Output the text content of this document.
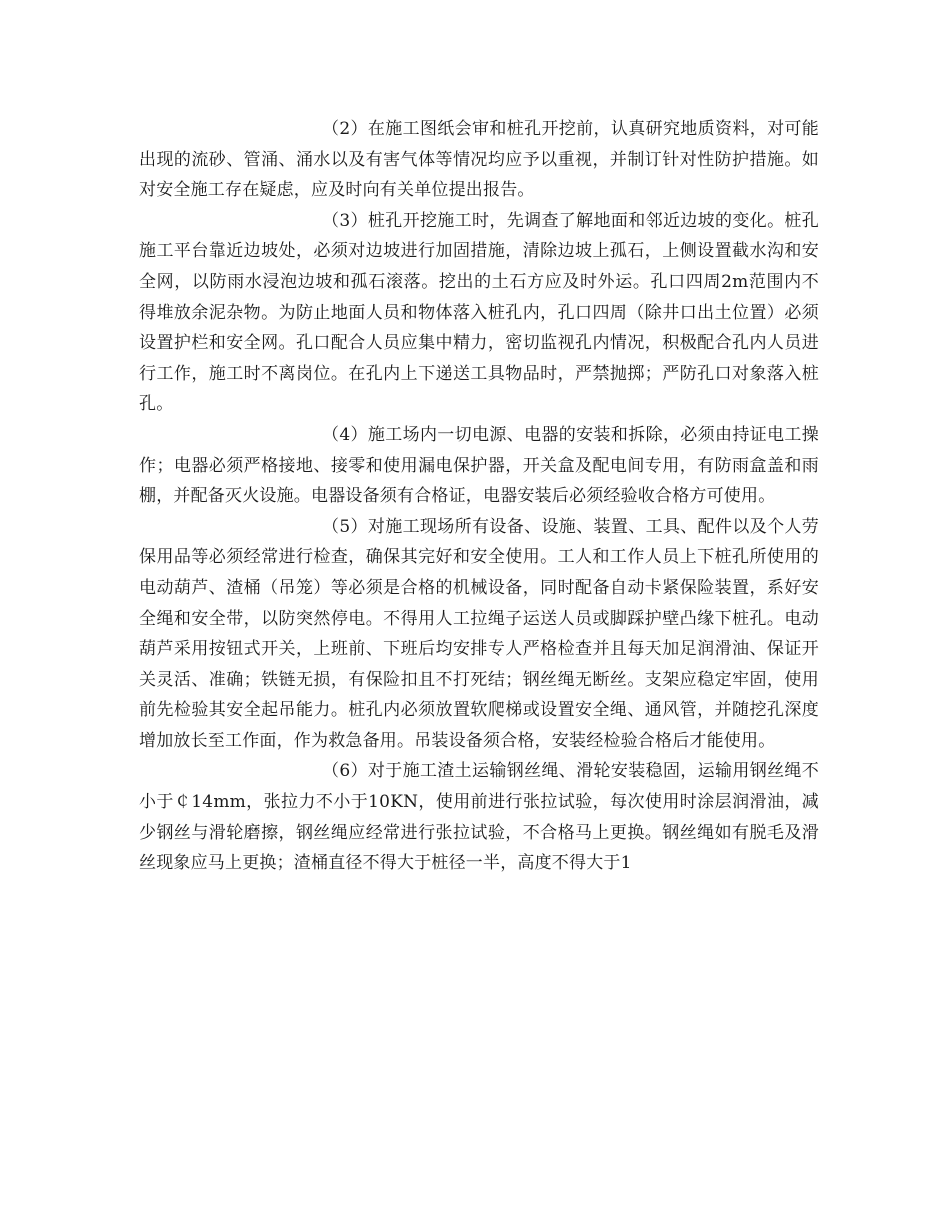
（2）在施工图纸会审和桩孔开挖前，认真研究地质资料，对可能出现的流砂、管涌、涌水以及有害气体等情况均应予以重视，并制订针对性防护措施。如对安全施工存在疑虑，应及时向有关单位提出报告。

（3）桩孔开挖施工时，先调查了解地面和邻近边坡的变化。桩孔施工平台靠近边坡处，必须对边坡进行加固措施，清除边坡上孤石，上侧设置截水沟和安全网，以防雨水浸泡边坡和孤石滚落。挖出的土石方应及时外运。孔口四周2m范围内不得堆放余泥杂物。为防止地面人员和物体落入桩孔内，孔口四周（除井口出土位置）必须设置护栏和安全网。孔口配合人员应集中精力，密切监视孔内情况，积极配合孔内人员进行工作，施工时不离岗位。在孔内上下递送工具物品时，严禁抛掷；严防孔口对象落入桩孔。

（4）施工场内一切电源、电器的安装和拆除，必须由持证电工操作；电器必须严格接地、接零和使用漏电保护器，开关盒及配电间专用，有防雨盒盖和雨棚，并配备灭火设施。电器设备须有合格证，电器安装后必须经验收合格方可使用。

（5）对施工现场所有设备、设施、装置、工具、配件以及个人劳保用品等必须经常进行检查，确保其完好和安全使用。工人和工作人员上下桩孔所使用的电动葫芦、渣桶（吊笼）等必须是合格的机械设备，同时配备自动卡紧保险装置，系好安全绳和安全带，以防突然停电。不得用人工拉绳子运送人员或脚踩护壁凸缘下桩孔。电动葫芦采用按钮式开关，上班前、下班后均安排专人严格检查并且每天加足润滑油、保证开关灵活、准确；铁链无损，有保险扣且不打死结；钢丝绳无断丝。支架应稳定牢固，使用前先检验其安全起吊能力。桩孔内必须放置软爬梯或设置安全绳、通风管，并随挖孔深度增加放长至工作面，作为救急备用。吊装设备须合格，安装经检验合格后才能使用。

（6）对于施工渣土运输钢丝绳、滑轮安装稳固，运输用钢丝绳不小于￠14mm，张拉力不小于10KN，使用前进行张拉试验，每次使用时涂层润滑油，减少钢丝与滑轮磨擦，钢丝绳应经常进行张拉试验，不合格马上更换。钢丝绳如有脱毛及滑丝现象应马上更换；渣桶直径不得大于桩径一半，高度不得大于1
